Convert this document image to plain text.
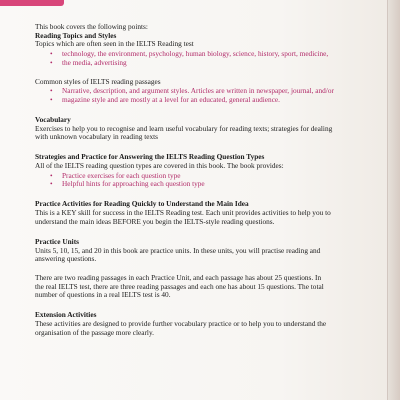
This book covers the following points:

Reading Topics and Styles

Topics which are often seen in the IELTS Reading test

• technology, the environment, psychology, human biology, science, history, sport, medicine,
• the media, advertising

Common styles of IELTS reading passages

• Narrative, description, and argument styles. Articles are written in newspaper, journal, and/or
• magazine style and are mostly at a level for an educated, general audience.

Vocabulary

Exercises to help you to recognise and learn useful vocabulary for reading texts; strategies for dealing

with unknown vocabulary in reading texts

Strategies and Practice for Answering the IELTS Reading Question Types

All of the IELTS reading question types are covered in this book. The book provides:

• Practice exercises for each question type
• Helpful hints for approaching each question type

Practice Activities for Reading Quickly to Understand the Main Idea

This is a KEY skill for success in the IELTS Reading test. Each unit provides activities to help you to

understand the main ideas BEFORE you begin the IELTS-style reading questions.

Practice Units

Units 5, 10, 15, and 20 in this book are practice units. In these units, you will practise reading and

answering questions.

There are two reading passages in each Practice Unit, and each passage has about 25 questions. In

the real IELTS test, there are three reading passages and each one has about 15 questions. The total

number of questions in a real IELTS test is 40.

Extension Activities

These activities are designed to provide further vocabulary practice or to help you to understand the

organisation of the passage more clearly.
